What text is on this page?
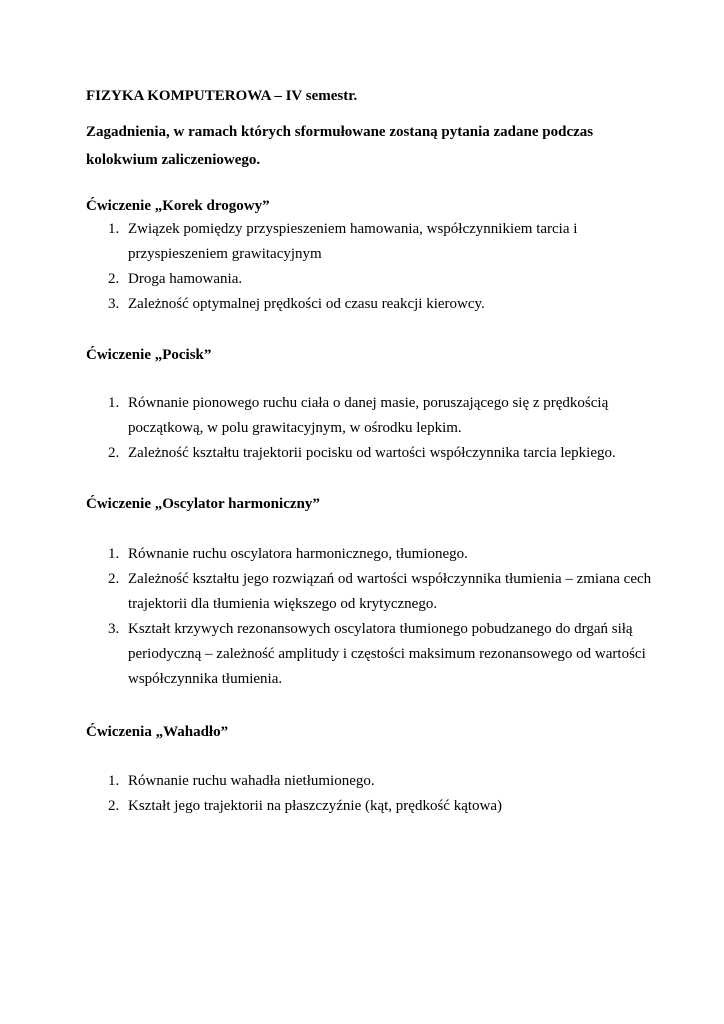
FIZYKA KOMPUTEROWA – IV semestr.

Zagadnienia, w ramach których sformułowane zostaną pytania zadane podczas kolokwium zaliczeniowego.

Ćwiczenie „Korek drogowy”
1. Związek pomiędzy przyspieszeniem hamowania, współczynnikiem tarcia i przyspieszeniem grawitacyjnym
2. Droga hamowania.
3. Zależność optymalnej prędkości od czasu reakcji kierowcy.
Ćwiczenie „Pocisk”
1. Równanie pionowego ruchu ciała o danej masie, poruszającego się z prędkością początkową, w polu grawitacyjnym, w ośrodku lepkim.
2. Zależność kształtu trajektorii pocisku od wartości współczynnika tarcia lepkiego.
Ćwiczenie „Oscylator harmoniczny”
1. Równanie ruchu oscylatora harmonicznego, tłumionego.
2. Zależność kształtu jego rozwiązań od wartości współczynnika tłumienia – zmiana cech trajektorii dla tłumienia większego od krytycznego.
3. Kształt krzywych rezonansowych oscylatora tłumionego pobudzanego do drgań siłą periodyczną – zależność amplitudy i częstości maksimum rezonansowego od wartości współczynnika tłumienia.
Ćwiczenia „Wahadło”
1. Równanie ruchu wahadła nietłumionego.
2. Kształt jego trajektorii na płaszczyźnie (kąt, prędkość kątowa)
